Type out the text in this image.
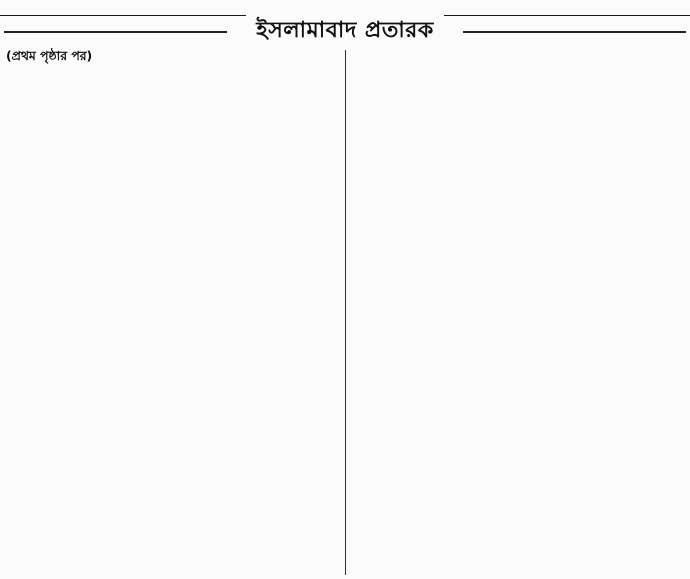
ইসলামাবাদ প্রতারক

(প্রথম পৃষ্ঠার পর)
